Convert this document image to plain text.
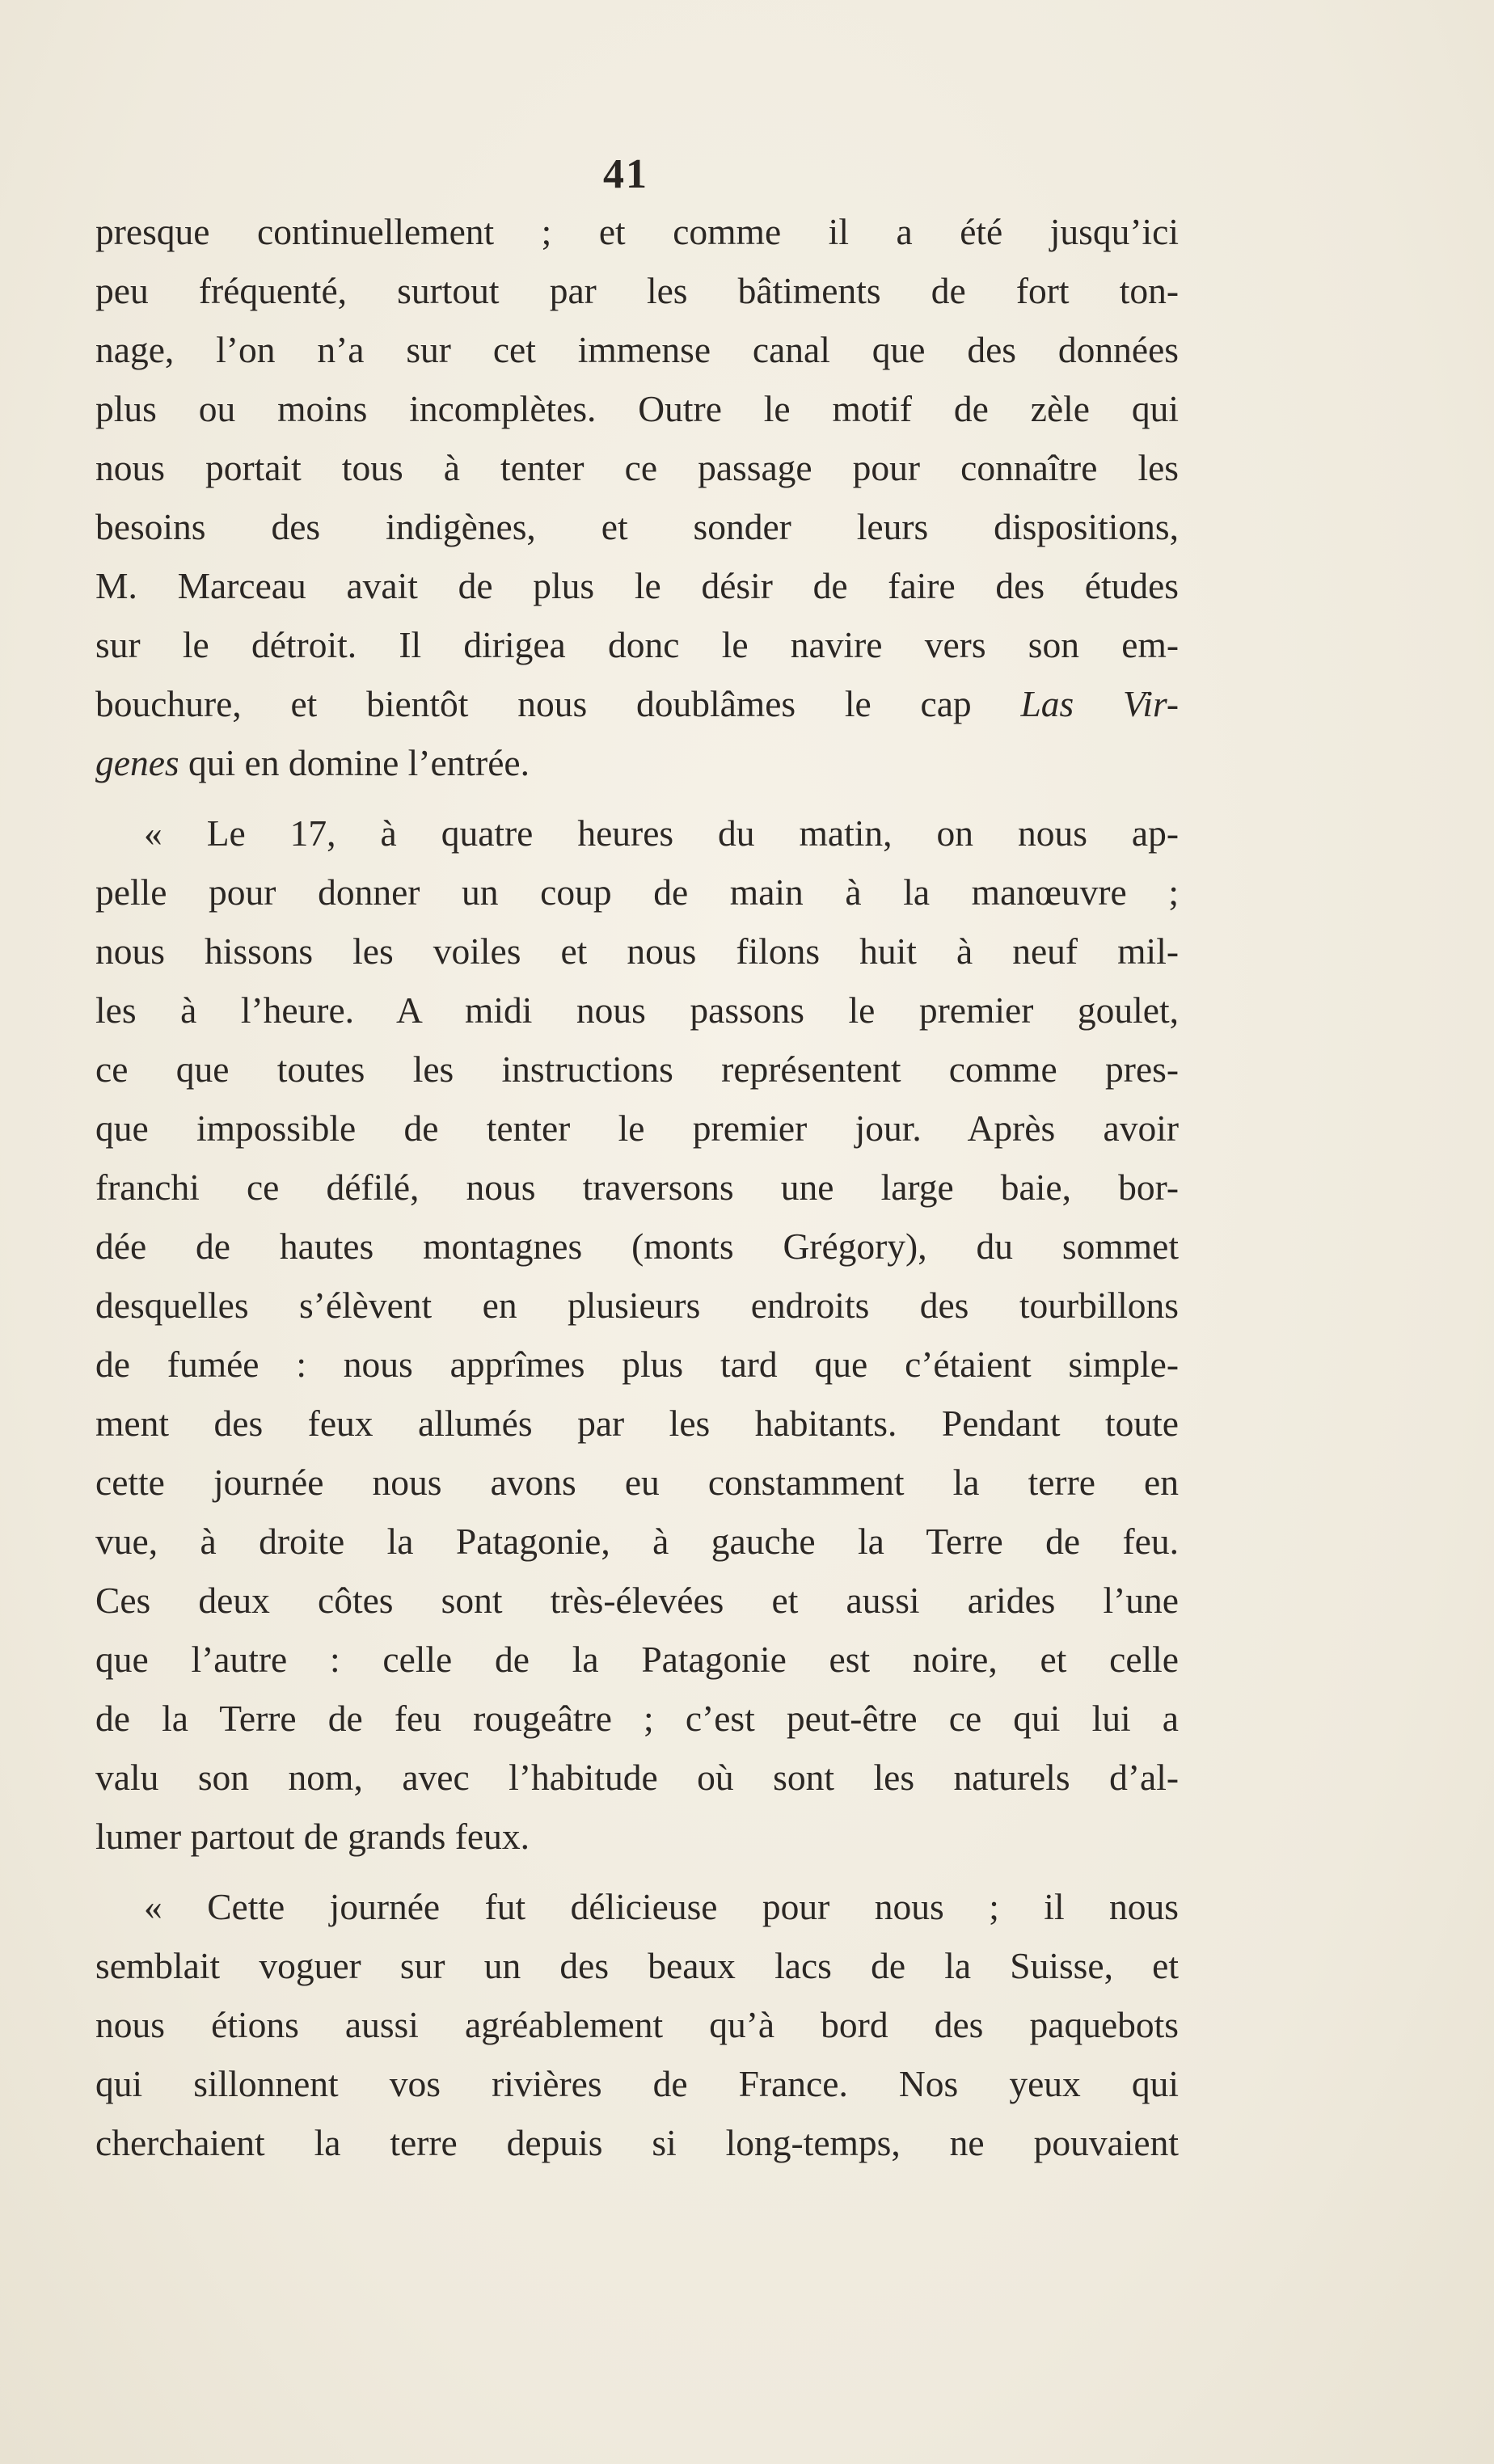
41
presque continuellement ; et comme il a été jusqu’ici
peu fréquenté, surtout par les bâtiments de fort ton-
nage, l’on n’a sur cet immense canal que des données
plus ou moins incomplètes. Outre le motif de zèle qui
nous portait tous à tenter ce passage pour connaître les
besoins des indigènes, et sonder leurs dispositions,
M. Marceau avait de plus le désir de faire des études
sur le détroit. Il dirigea donc le navire vers son em-
bouchure, et bientôt nous doublâmes le cap Las Vir-
genes qui en domine l’entrée.
« Le 17, à quatre heures du matin, on nous ap-
pelle pour donner un coup de main à la manœuvre ;
nous hissons les voiles et nous filons huit à neuf mil-
les à l’heure. A midi nous passons le premier goulet,
ce que toutes les instructions représentent comme pres-
que impossible de tenter le premier jour. Après avoir
franchi ce défilé, nous traversons une large baie, bor-
dée de hautes montagnes (monts Grégory), du sommet
desquelles s’élèvent en plusieurs endroits des tourbillons
de fumée : nous apprîmes plus tard que c’étaient simple-
ment des feux allumés par les habitants. Pendant toute
cette journée nous avons eu constamment la terre en
vue, à droite la Patagonie, à gauche la Terre de feu.
Ces deux côtes sont très-élevées et aussi arides l’une
que l’autre : celle de la Patagonie est noire, et celle
de la Terre de feu rougeâtre ; c’est peut-être ce qui lui a
valu son nom, avec l’habitude où sont les naturels d’al-
lumer partout de grands feux.
« Cette journée fut délicieuse pour nous ; il nous
semblait voguer sur un des beaux lacs de la Suisse, et
nous étions aussi agréablement qu’à bord des paquebots
qui sillonnent vos rivières de France. Nos yeux qui
cherchaient la terre depuis si long-temps, ne pouvaient
